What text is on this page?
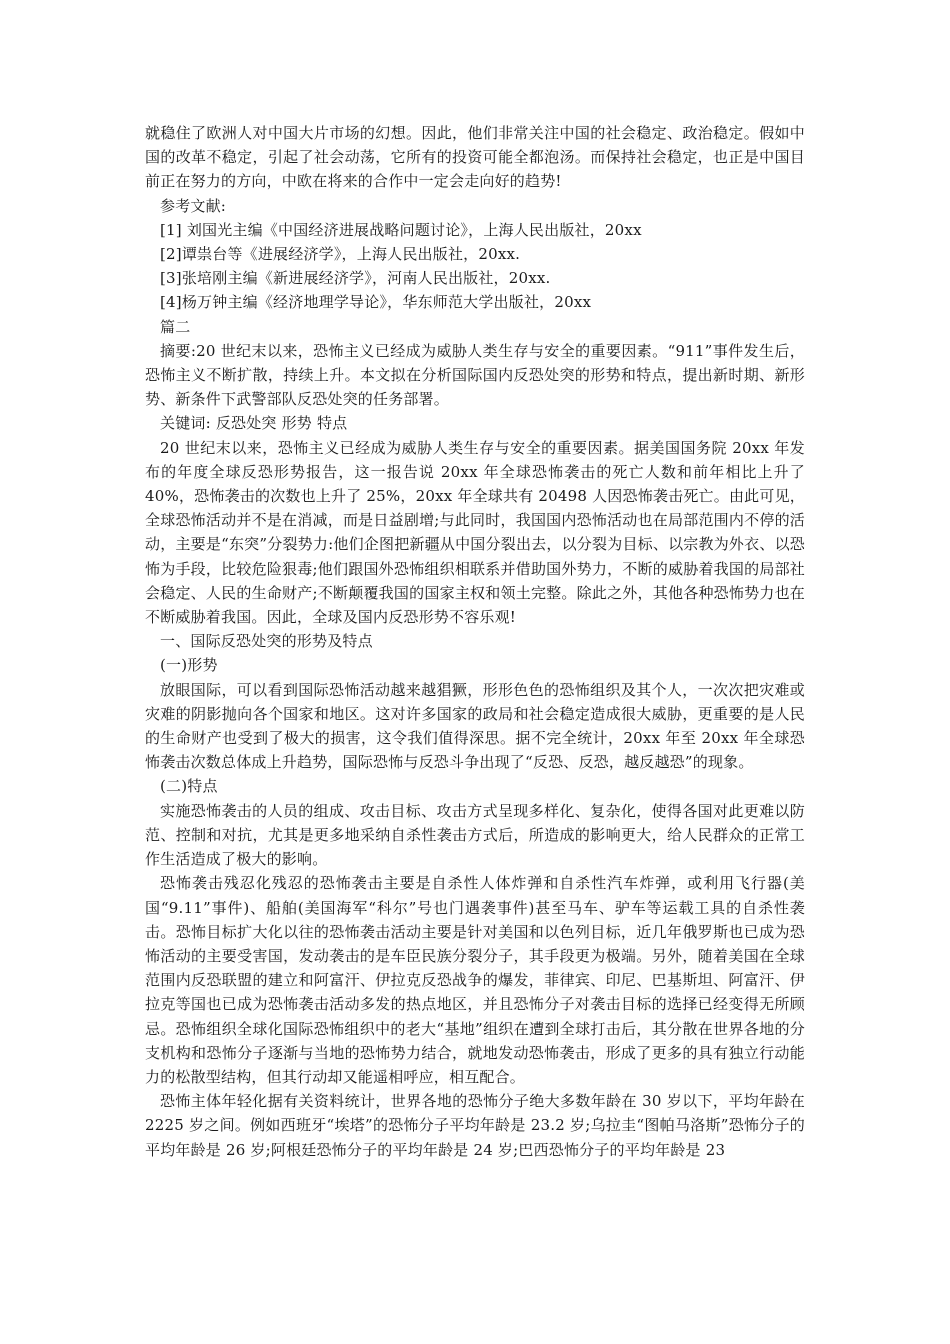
就稳住了欧洲人对中国大片市场的幻想。因此，他们非常关注中国的社会稳定、政治稳定。假如中国的改革不稳定，引起了社会动荡，它所有的投资可能全都泡汤。而保持社会稳定，也正是中国目前正在努力的方向，中欧在将来的合作中一定会走向好的趋势!

参考文献:

[1] 刘国光主编《中国经济进展战略问题讨论》，上海人民出版社，20xx

[2]谭祟台等《进展经济学》，上海人民出版社，20xx.

[3]张培刚主编《新进展经济学》，河南人民出版社，20xx.

[4]杨万钟主编《经济地理学导论》，华东师范大学出版社，20xx

篇二

摘要:20 世纪末以来，恐怖主义已经成为威胁人类生存与安全的重要因素。“911”事件发生后，恐怖主义不断扩散，持续上升。本文拟在分析国际国内反恐处突的形势和特点，提出新时期、新形势、新条件下武警部队反恐处突的任务部署。

关键词: 反恐处突 形势 特点

20 世纪末以来，恐怖主义已经成为威胁人类生存与安全的重要因素。据美国国务院 20xx 年发布的年度全球反恐形势报告，这一报告说 20xx 年全球恐怖袭击的死亡人数和前年相比上升了 40%，恐怖袭击的次数也上升了 25%，20xx 年全球共有 20498 人因恐怖袭击死亡。由此可见，全球恐怖活动并不是在消减，而是日益剧增;与此同时，我国国内恐怖活动也在局部范围内不停的活动，主要是“东突”分裂势力:他们企图把新疆从中国分裂出去，以分裂为目标、以宗教为外衣、以恐怖为手段，比较危险狠毒;他们跟国外恐怖组织相联系并借助国外势力，不断的威胁着我国的局部社会稳定、人民的生命财产;不断颠覆我国的国家主权和领土完整。除此之外，其他各种恐怖势力也在不断威胁着我国。因此，全球及国内反恐形势不容乐观!

一、国际反恐处突的形势及特点

(一)形势

放眼国际，可以看到国际恐怖活动越来越猖獗，形形色色的恐怖组织及其个人，一次次把灾难或灾难的阴影抛向各个国家和地区。这对许多国家的政局和社会稳定造成很大威胁，更重要的是人民的生命财产也受到了极大的损害，这令我们值得深思。据不完全统计，20xx 年至 20xx 年全球恐怖袭击次数总体成上升趋势，国际恐怖与反恐斗争出现了“反恐、反恐，越反越恐”的现象。

(二)特点

实施恐怖袭击的人员的组成、攻击目标、攻击方式呈现多样化、复杂化，使得各国对此更难以防范、控制和对抗，尤其是更多地采纳自杀性袭击方式后，所造成的影响更大，给人民群众的正常工作生活造成了极大的影响。

恐怖袭击残忍化残忍的恐怖袭击主要是自杀性人体炸弹和自杀性汽车炸弹，或利用飞行器(美国“9.11”事件)、船舶(美国海军“科尔”号也门遇袭事件)甚至马车、驴车等运载工具的自杀性袭击。恐怖目标扩大化以往的恐怖袭击活动主要是针对美国和以色列目标，近几年俄罗斯也已成为恐怖活动的主要受害国，发动袭击的是车臣民族分裂分子，其手段更为极端。另外，随着美国在全球范围内反恐联盟的建立和阿富汗、伊拉克反恐战争的爆发，菲律宾、印尼、巴基斯坦、阿富汗、伊拉克等国也已成为恐怖袭击活动多发的热点地区，并且恐怖分子对袭击目标的选择已经变得无所顾忌。恐怖组织全球化国际恐怖组织中的老大“基地”组织在遭到全球打击后，其分散在世界各地的分支机构和恐怖分子逐渐与当地的恐怖势力结合，就地发动恐怖袭击，形成了更多的具有独立行动能力的松散型结构，但其行动却又能遥相呼应，相互配合。

恐怖主体年轻化据有关资料统计，世界各地的恐怖分子绝大多数年龄在 30 岁以下，平均年龄在 2225 岁之间。例如西班牙“埃塔”的恐怖分子平均年龄是 23.2 岁;乌拉圭“图帕马洛斯”恐怖分子的平均年龄是 26 岁;阿根廷恐怖分子的平均年龄是 24 岁;巴西恐怖分子的平均年龄是 23
